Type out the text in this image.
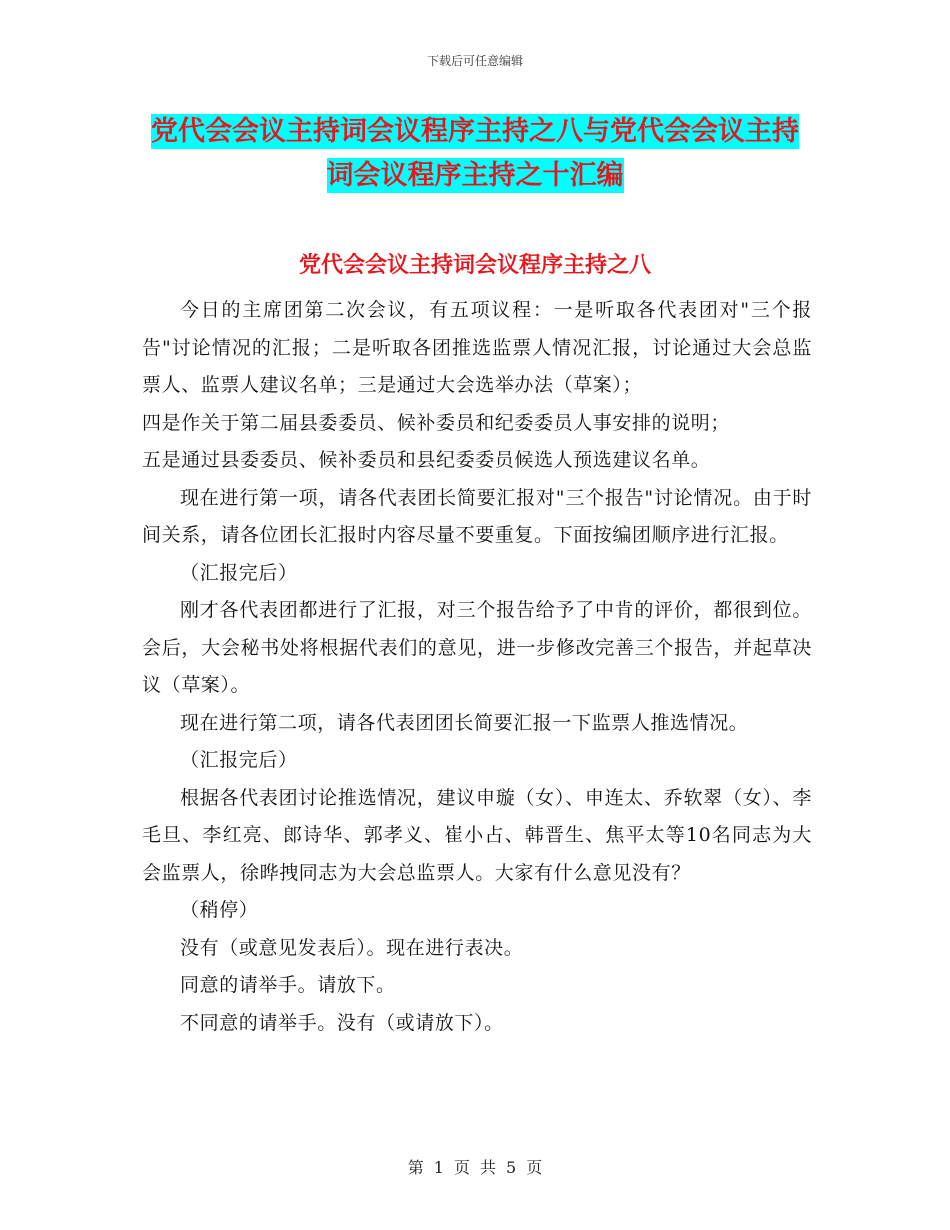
下载后可任意编辑
党代会会议主持词会议程序主持之八与党代会会议主持词会议程序主持之十汇编
党代会会议主持词会议程序主持之八

今日的主席团第二次会议，有五项议程：一是听取各代表团对"三个报告"讨论情况的汇报；二是听取各团推选监票人情况汇报，讨论通过大会总监票人、监票人建议名单；三是通过大会选举办法（草案）；

四是作关于第二届县委委员、候补委员和纪委委员人事安排的说明；

五是通过县委委员、候补委员和县纪委委员候选人预选建议名单。

现在进行第一项，请各代表团长简要汇报对"三个报告"讨论情况。由于时间关系，请各位团长汇报时内容尽量不要重复。下面按编团顺序进行汇报。

（汇报完后）

刚才各代表团都进行了汇报，对三个报告给予了中肯的评价，都很到位。会后，大会秘书处将根据代表们的意见，进一步修改完善三个报告，并起草决议（草案）。

现在进行第二项，请各代表团团长简要汇报一下监票人推选情况。

（汇报完后）

根据各代表团讨论推选情况，建议申璇（女）、申连太、乔软翠（女）、李毛旦、李红亮、郎诗华、郭孝义、崔小占、韩晋生、焦平太等10名同志为大会监票人，徐晔拽同志为大会总监票人。大家有什么意见没有？

（稍停）

没有（或意见发表后）。现在进行表决。

同意的请举手。请放下。

不同意的请举手。没有（或请放下）。

第 1 页 共 5 页
